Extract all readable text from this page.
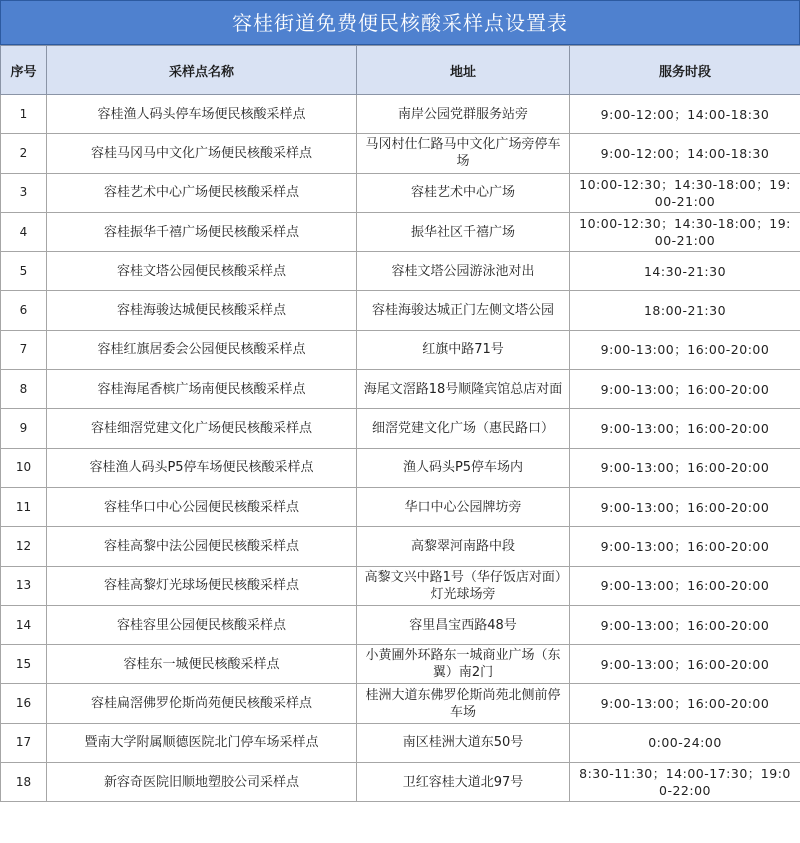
容桂街道免费便民核酸采样点设置表
序号	采样点名称	地址	服务时段
1	容桂渔人码头停车场便民核酸采样点	南岸公园党群服务站旁	9:00-12:00；14:00-18:30
2	容桂马冈马中文化广场便民核酸采样点	马冈村仕仁路马中文化广场旁停车场	9:00-12:00；14:00-18:30
3	容桂艺术中心广场便民核酸采样点	容桂艺术中心广场	10:00-12:30；14:30-18:00；19:00-21:00
4	容桂振华千禧广场便民核酸采样点	振华社区千禧广场	10:00-12:30；14:30-18:00；19:00-21:00
5	容桂文塔公园便民核酸采样点	容桂文塔公园游泳池对出	14:30-21:30
6	容桂海骏达城便民核酸采样点	容桂海骏达城正门左侧文塔公园	18:00-21:30
7	容桂红旗居委会公园便民核酸采样点	红旗中路71号	9:00-13:00；16:00-20:00
8	容桂海尾香槟广场南便民核酸采样点	海尾文滘路18号顺隆宾馆总店对面	9:00-13:00；16:00-20:00
9	容桂细滘党建文化广场便民核酸采样点	细滘党建文化广场（惠民路口）	9:00-13:00；16:00-20:00
10	容桂渔人码头P5停车场便民核酸采样点	渔人码头P5停车场内	9:00-13:00；16:00-20:00
11	容桂华口中心公园便民核酸采样点	华口中心公园牌坊旁	9:00-13:00；16:00-20:00
12	容桂高黎中法公园便民核酸采样点	高黎翠河南路中段	9:00-13:00；16:00-20:00
13	容桂高黎灯光球场便民核酸采样点	高黎文兴中路1号（华仔饭店对面）灯光球场旁	9:00-13:00；16:00-20:00
14	容桂容里公园便民核酸采样点	容里昌宝西路48号	9:00-13:00；16:00-20:00
15	容桂东一城便民核酸采样点	小黄圃外环路东一城商业广场（东翼）南2门	9:00-13:00；16:00-20:00
16	容桂扁滘佛罗伦斯尚苑便民核酸采样点	桂洲大道东佛罗伦斯尚苑北侧前停车场	9:00-13:00；16:00-20:00
17	暨南大学附属顺德医院北门停车场采样点	南区桂洲大道东50号	0:00-24:00
18	新容奇医院旧顺地塑胶公司采样点	卫红容桂大道北97号	8:30-11:30；14:00-17:30；19:00-22:00
